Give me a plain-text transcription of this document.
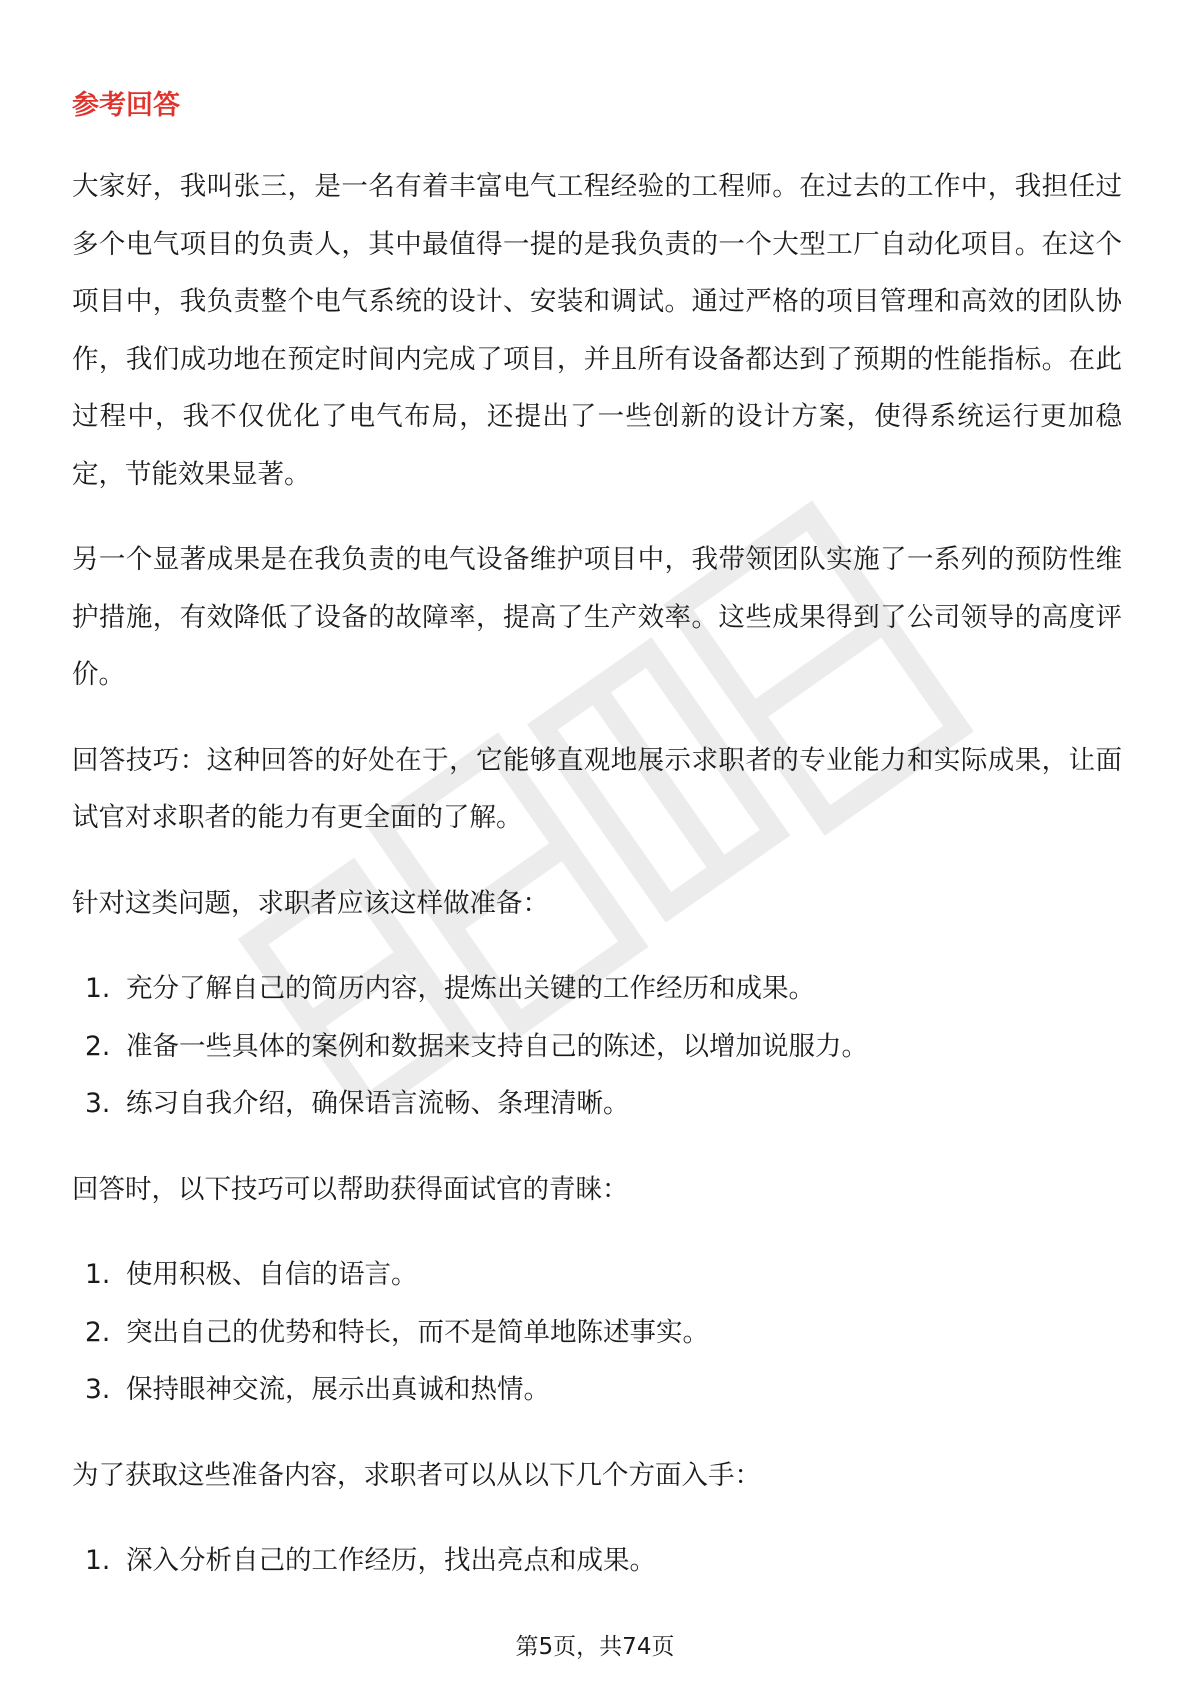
参考回答

大家好，我叫张三，是一名有着丰富电气工程经验的工程师。在过去的工作中，我担任过多个电气项目的负责人，其中最值得一提的是我负责的一个大型工厂自动化项目。在这个项目中，我负责整个电气系统的设计、安装和调试。通过严格的项目管理和高效的团队协作，我们成功地在预定时间内完成了项目，并且所有设备都达到了预期的性能指标。在此过程中，我不仅优化了电气布局，还提出了一些创新的设计方案，使得系统运行更加稳定，节能效果显著。

另一个显著成果是在我负责的电气设备维护项目中，我带领团队实施了一系列的预防性维护措施，有效降低了设备的故障率，提高了生产效率。这些成果得到了公司领导的高度评价。

回答技巧：这种回答的好处在于，它能够直观地展示求职者的专业能力和实际成果，让面试官对求职者的能力有更全面的了解。

针对这类问题，求职者应该这样做准备：

1. 充分了解自己的简历内容，提炼出关键的工作经历和成果。
2. 准备一些具体的案例和数据来支持自己的陈述，以增加说服力。
3. 练习自我介绍，确保语言流畅、条理清晰。

回答时，以下技巧可以帮助获得面试官的青睐：

1. 使用积极、自信的语言。
2. 突出自己的优势和特长，而不是简单地陈述事实。
3. 保持眼神交流，展示出真诚和热情。

为了获取这些准备内容，求职者可以从以下几个方面入手：

1. 深入分析自己的工作经历，找出亮点和成果。
第5页，共74页
